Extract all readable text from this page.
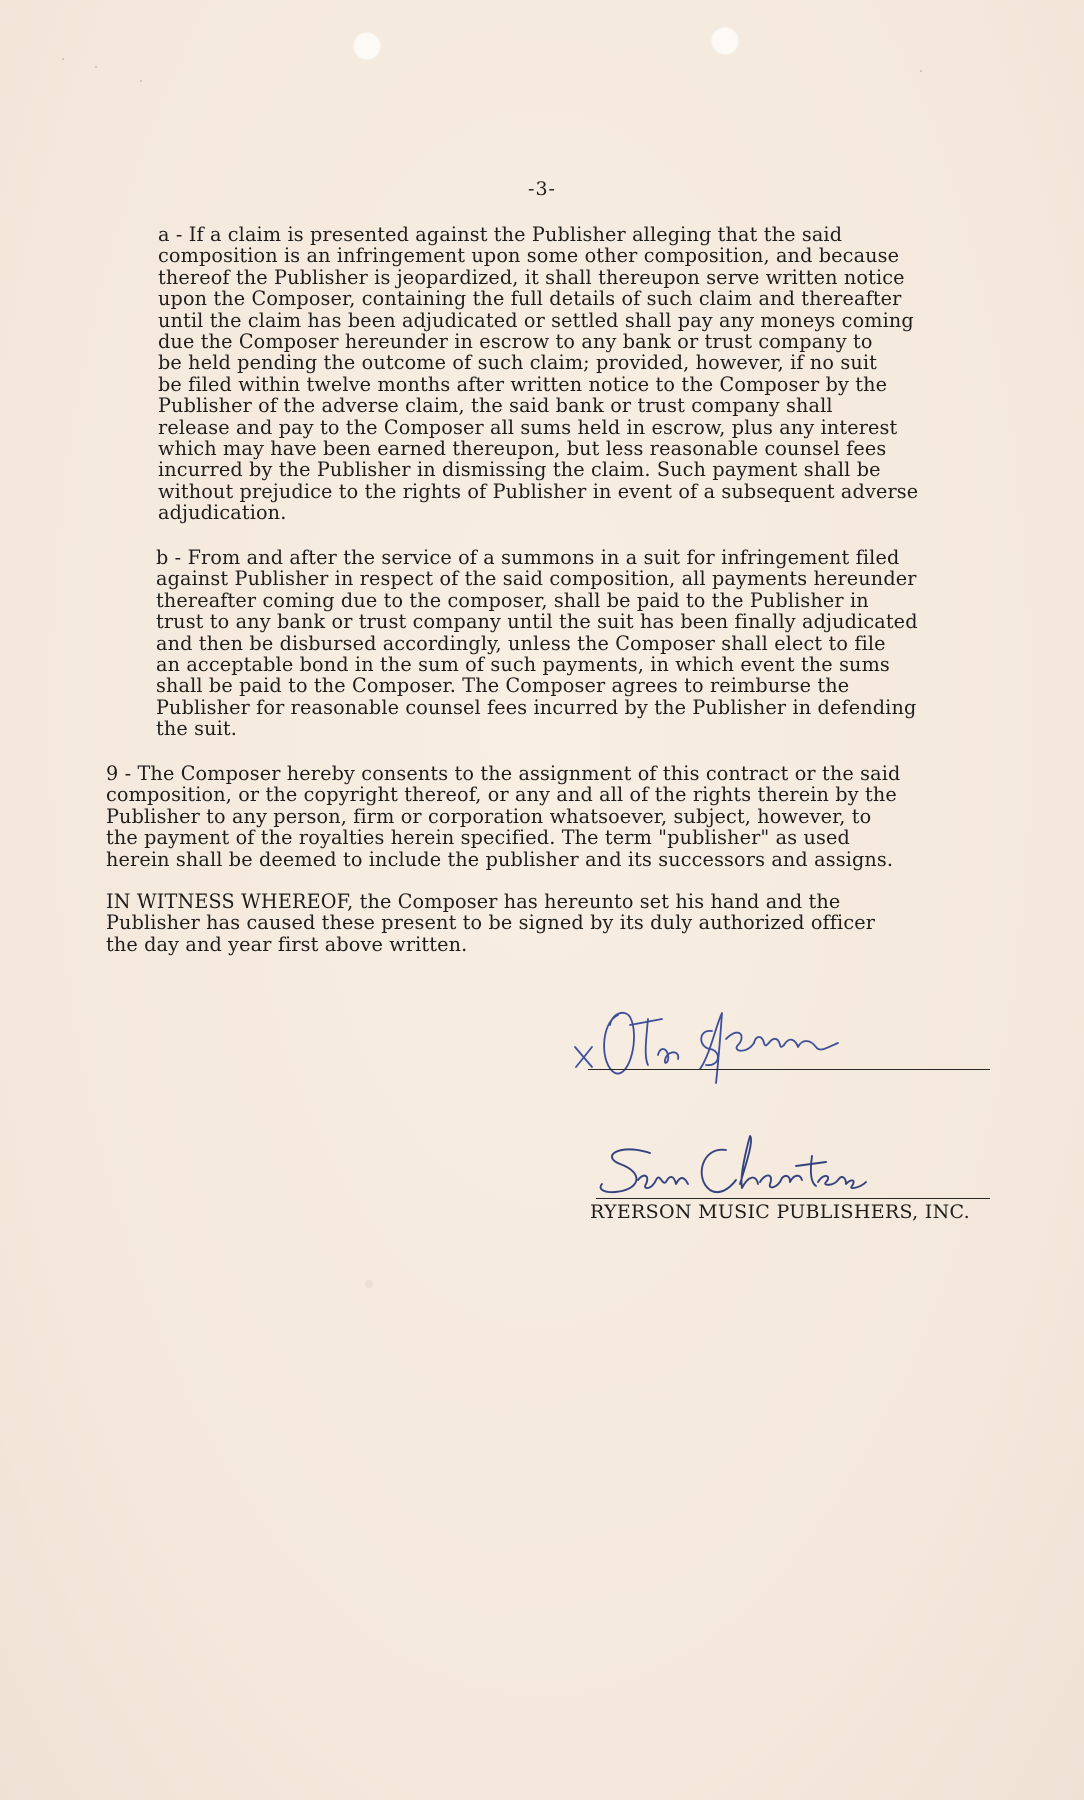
-3-

a - If a claim is presented against the Publisher alleging that the said
composition is an infringement upon some other composition, and because
thereof the Publisher is jeopardized, it shall thereupon serve written notice
upon the Composer, containing the full details of such claim and thereafter
until the claim has been adjudicated or settled shall pay any moneys coming
due the Composer hereunder in escrow to any bank or trust company to
be held pending the outcome of such claim; provided, however, if no suit
be filed within twelve months after written notice to the Composer by the
Publisher of the adverse claim, the said bank or trust company shall
release and pay to the Composer all sums held in escrow, plus any interest
which may have been earned thereupon, but less reasonable counsel fees
incurred by the Publisher in dismissing the claim. Such payment shall be
without prejudice to the rights of Publisher in event of a subsequent adverse
adjudication.

b - From and after the service of a summons in a suit for infringement filed
against Publisher in respect of the said composition, all payments hereunder
thereafter coming due to the composer, shall be paid to the Publisher in
trust to any bank or trust company until the suit has been finally adjudicated
and then be disbursed accordingly, unless the Composer shall elect to file
an acceptable bond in the sum of such payments, in which event the sums
shall be paid to the Composer. The Composer agrees to reimburse the
Publisher for reasonable counsel fees incurred by the Publisher in defending
the suit.

9 - The Composer hereby consents to the assignment of this contract or the said
composition, or the copyright thereof, or any and all of the rights therein by the
Publisher to any person, firm or corporation whatsoever, subject, however, to
the payment of the royalties herein specified. The term "publisher" as used
herein shall be deemed to include the publisher and its successors and assigns.

IN WITNESS WHEREOF, the Composer has hereunto set his hand and the
Publisher has caused these present to be signed by its duly authorized officer
the day and year first above written.

RYERSON MUSIC PUBLISHERS, INC.
